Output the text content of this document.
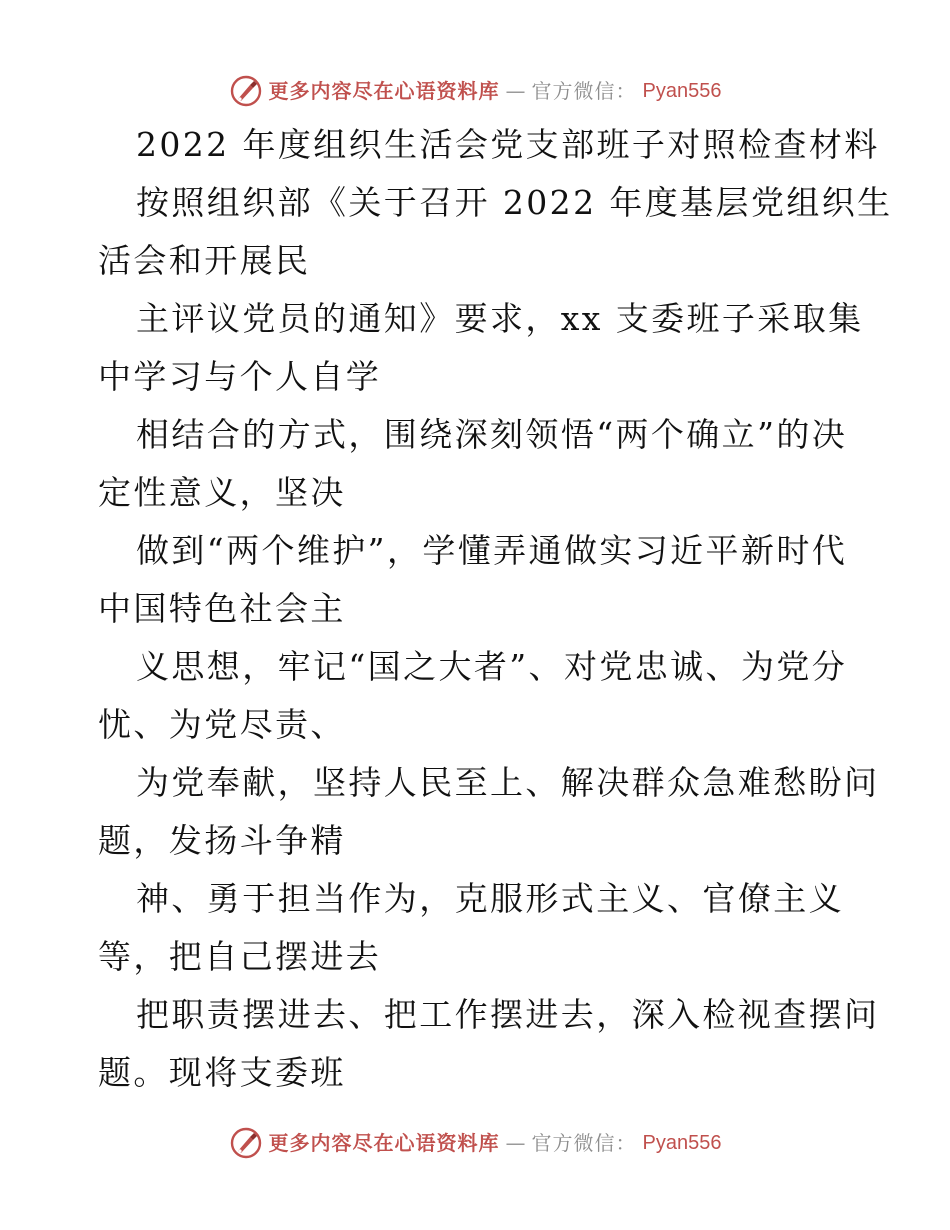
更多内容尽在心语资料库 — 官方微信： Pyan556
2022 年度组织生活会党支部班子对照检查材料
按照组织部《关于召开 2022 年度基层党组织生
活会和开展民
主评议党员的通知》要求，xx 支委班子采取集
中学习与个人自学
相结合的方式，围绕深刻领悟“两个确立”的决
定性意义，坚决
做到“两个维护”，学懂弄通做实习近平新时代
中国特色社会主
义思想，牢记“国之大者”、对党忠诚、为党分
忧、为党尽责、
为党奉献，坚持人民至上、解决群众急难愁盼问
题，发扬斗争精
神、勇于担当作为，克服形式主义、官僚主义
等，把自己摆进去
把职责摆进去、把工作摆进去，深入检视查摆问
题。现将支委班
更多内容尽在心语资料库 — 官方微信： Pyan556
